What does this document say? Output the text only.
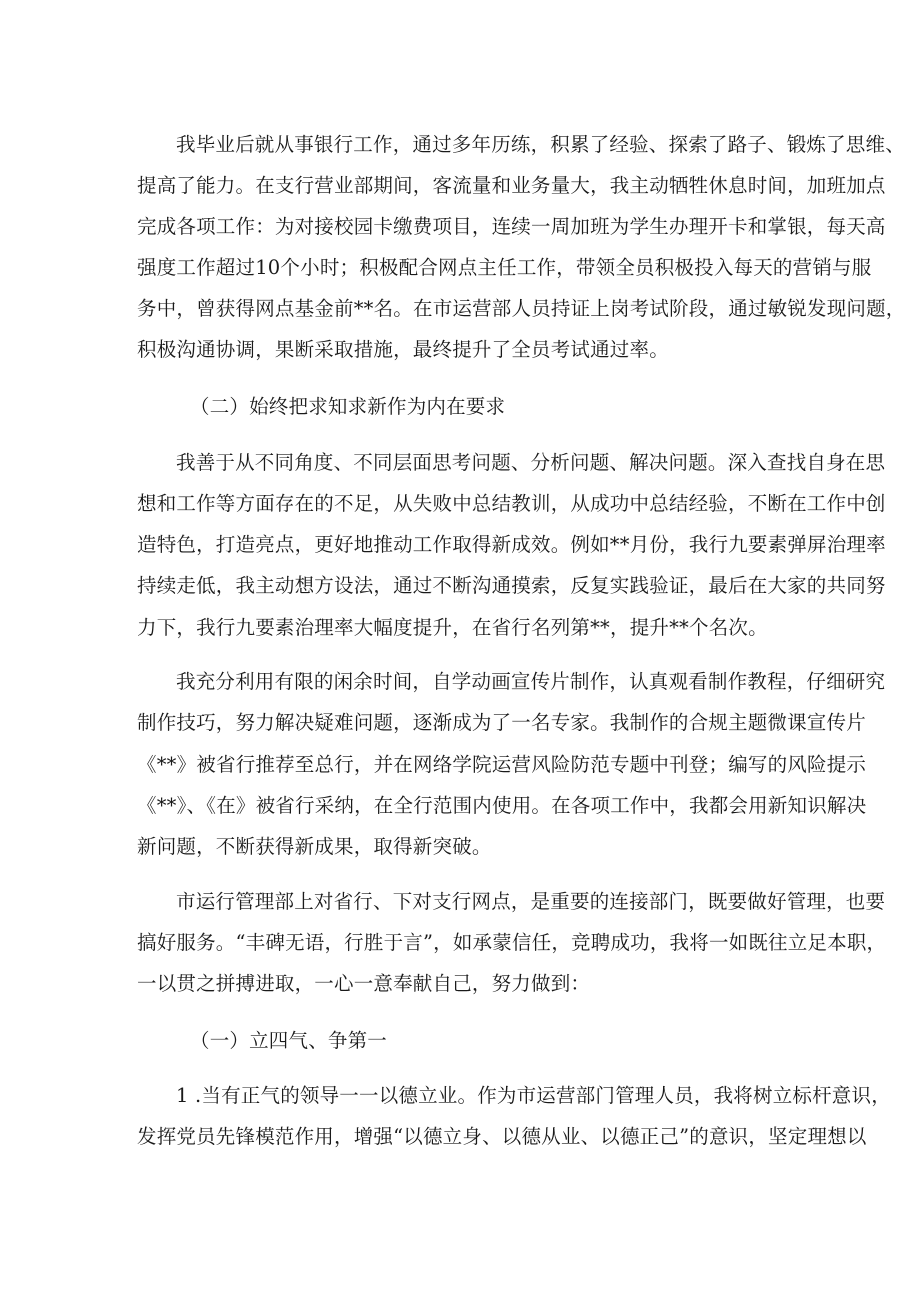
我毕业后就从事银行工作，通过多年历练，积累了经验、探索了路子、锻炼了思维、
提高了能力。在支行营业部期间，客流量和业务量大，我主动牺牲休息时间，加班加点
完成各项工作：为对接校园卡缴费项目，连续一周加班为学生办理开卡和掌银，每天高
强度工作超过10个小时；积极配合网点主任工作，带领全员积极投入每天的营销与服
务中，曾获得网点基金前**名。在市运营部人员持证上岗考试阶段，通过敏锐发现问题，
积极沟通协调，果断采取措施，最终提升了全员考试通过率。
（二）始终把求知求新作为内在要求
我善于从不同角度、不同层面思考问题、分析问题、解决问题。深入查找自身在思
想和工作等方面存在的不足，从失败中总结教训，从成功中总结经验，不断在工作中创
造特色，打造亮点，更好地推动工作取得新成效。例如**月份，我行九要素弹屏治理率
持续走低，我主动想方设法，通过不断沟通摸索，反复实践验证，最后在大家的共同努
力下，我行九要素治理率大幅度提升，在省行名列第**，提升**个名次。
我充分利用有限的闲余时间，自学动画宣传片制作，认真观看制作教程，仔细研究
制作技巧，努力解决疑难问题，逐渐成为了一名专家。我制作的合规主题微课宣传片
《**》被省行推荐至总行，并在网络学院运营风险防范专题中刊登；编写的风险提示
《**》、《在》被省行采纳，在全行范围内使用。在各项工作中，我都会用新知识解决
新问题，不断获得新成果，取得新突破。
市运行管理部上对省行、下对支行网点，是重要的连接部门，既要做好管理，也要
搞好服务。“丰碑无语，行胜于言”，如承蒙信任，竞聘成功，我将一如既往立足本职，
一以贯之拼搏进取，一心一意奉献自己，努力做到：
（一）立四气、争第一
1 .当有正气的领导一一以德立业。作为市运营部门管理人员，我将树立标杆意识，
发挥党员先锋模范作用，增强“以德立身、以德从业、以德正己”的意识，坚定理想以
